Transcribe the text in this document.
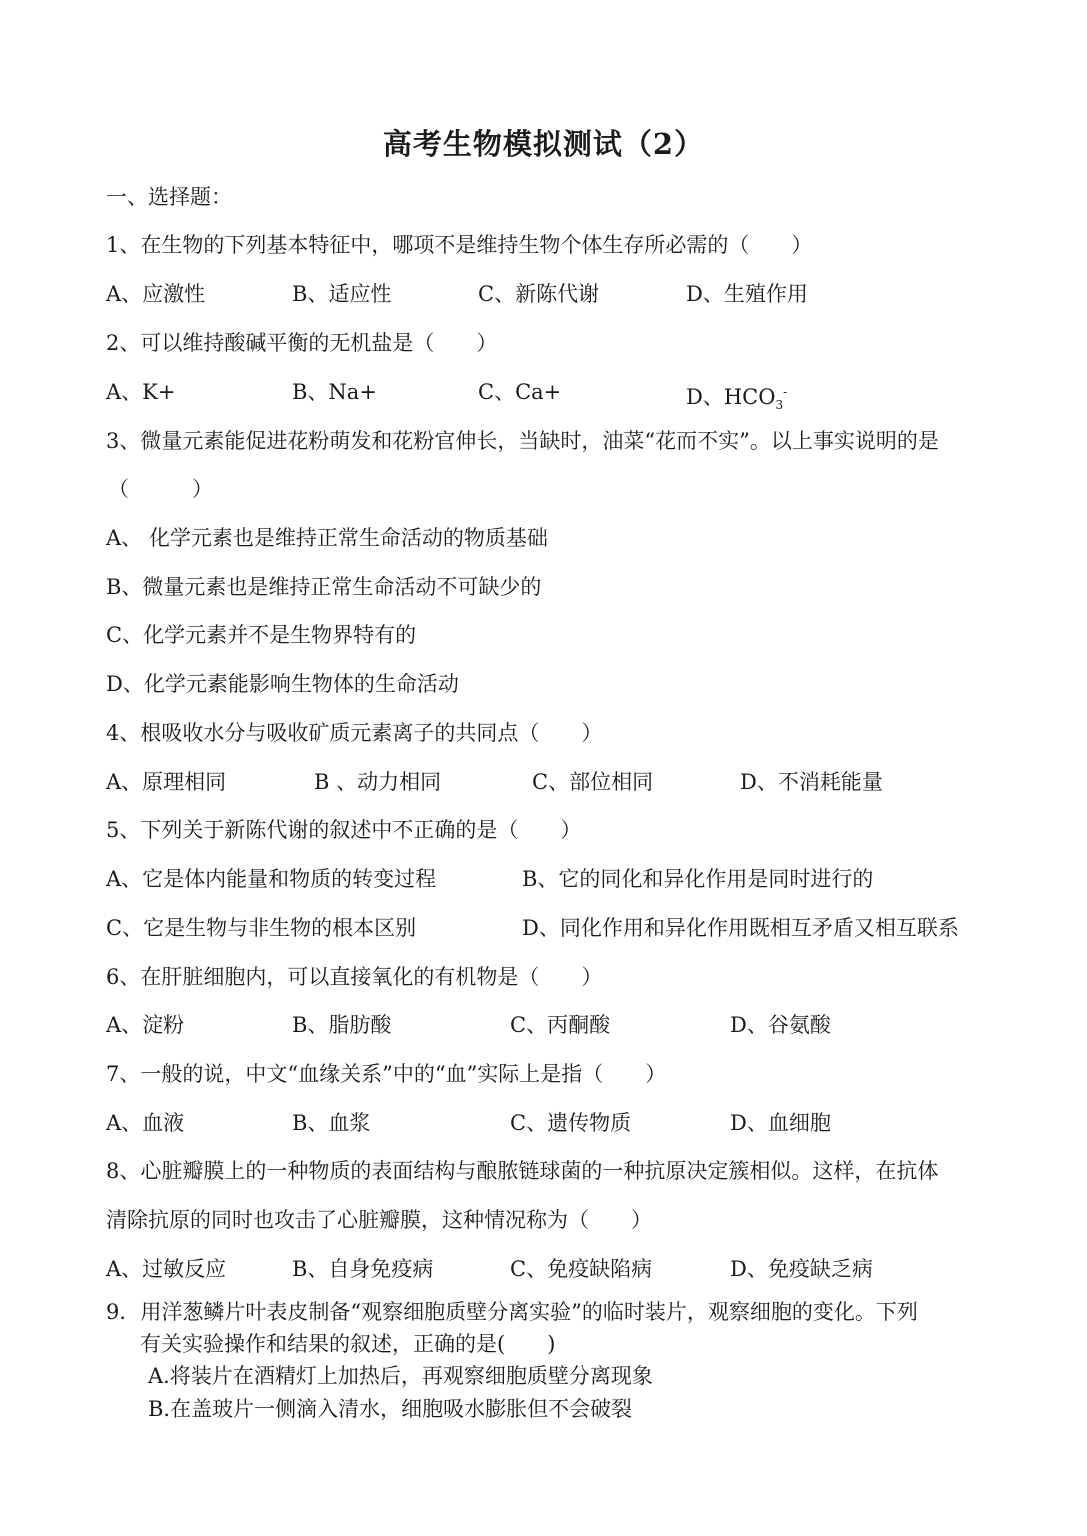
高考生物模拟测试（2）
一、选择题：
1、在生物的下列基本特征中，哪项不是维持生物个体生存所必需的（　　）
A、应激性	B、适应性	C、新陈代谢	D、生殖作用
2、可以维持酸碱平衡的无机盐是（　　）
A、K+	B、Na+	C、Ca+	D、$HCO_3^-$
3、微量元素能促进花粉萌发和花粉官伸长，当缺时，油菜“花而不实”。以上事实说明的是
（　　　）
A、 化学元素也是维持正常生命活动的物质基础
B、微量元素也是维持正常生命活动不可缺少的
C、化学元素并不是生物界特有的
D、化学元素能影响生物体的生命活动
4、根吸收水分与吸收矿质元素离子的共同点（　　）
A、原理相同	B 、动力相同	C、部位相同	D、不消耗能量
5、下列关于新陈代谢的叙述中不正确的是（　　）
A、它是体内能量和物质的转变过程	B、它的同化和异化作用是同时进行的
C、它是生物与非生物的根本区别	D、同化作用和异化作用既相互矛盾又相互联系
6、在肝脏细胞内，可以直接氧化的有机物是（　　）
A、淀粉	B、脂肪酸	C、丙酮酸	D、谷氨酸
7、一般的说，中文“血缘关系”中的“血”实际上是指（　　）
A、血液	B、血浆	C、遗传物质	D、血细胞
8、心脏瓣膜上的一种物质的表面结构与酿脓链球菌的一种抗原决定簇相似。这样，在抗体
清除抗原的同时也攻击了心脏瓣膜，这种情况称为（　　）
A、过敏反应	B、自身免疫病	C、免疫缺陷病	D、免疫缺乏病
9．用洋葱鳞片叶表皮制备“观察细胞质壁分离实验”的临时装片，观察细胞的变化。下列
有关实验操作和结果的叙述，正确的是(　　)
A.将装片在酒精灯上加热后，再观察细胞质壁分离现象
B.在盖玻片一侧滴入清水，细胞吸水膨胀但不会破裂
